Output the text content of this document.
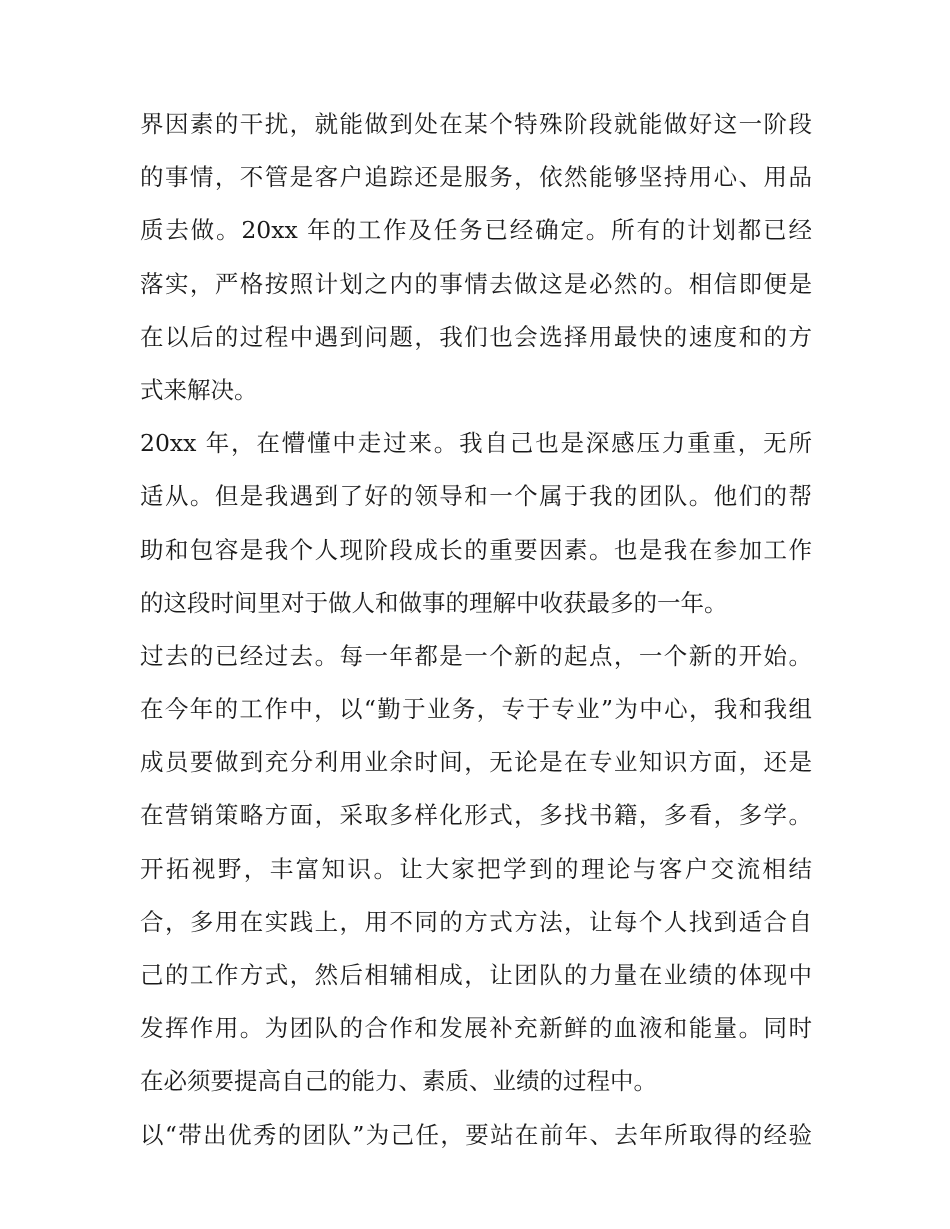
界因素的干扰，就能做到处在某个特殊阶段就能做好这一阶段
的事情，不管是客户追踪还是服务，依然能够坚持用心、用品
质去做。20xx 年的工作及任务已经确定。所有的计划都已经
落实，严格按照计划之内的事情去做这是必然的。相信即便是
在以后的过程中遇到问题，我们也会选择用最快的速度和的方
式来解决。
20xx 年，在懵懂中走过来。我自己也是深感压力重重，无所
适从。但是我遇到了好的领导和一个属于我的团队。他们的帮
助和包容是我个人现阶段成长的重要因素。也是我在参加工作
的这段时间里对于做人和做事的理解中收获最多的一年。
过去的已经过去。每一年都是一个新的起点，一个新的开始。
在今年的工作中，以“勤于业务，专于专业”为中心，我和我组
成员要做到充分利用业余时间，无论是在专业知识方面，还是
在营销策略方面，采取多样化形式，多找书籍，多看，多学。
开拓视野，丰富知识。让大家把学到的理论与客户交流相结
合，多用在实践上，用不同的方式方法，让每个人找到适合自
己的工作方式，然后相辅相成，让团队的力量在业绩的体现中
发挥作用。为团队的合作和发展补充新鲜的血液和能量。同时
在必须要提高自己的能力、素质、业绩的过程中。
以“带出优秀的团队”为己任，要站在前年、去年所取得的经验
